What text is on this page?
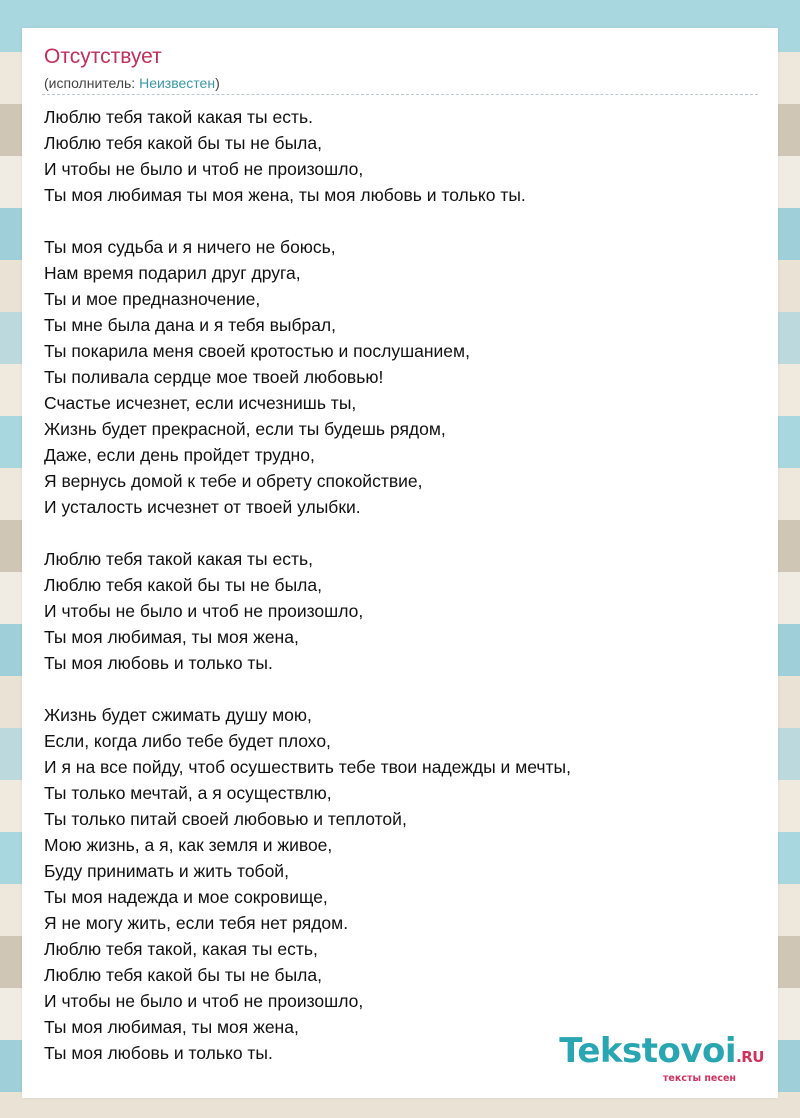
Отсутствует
(исполнитель: Неизвестен)
Люблю тебя такой какая ты есть.
Люблю тебя какой бы ты не была,
И чтобы не было и чтоб не произошло,
Ты моя любимая ты моя жена, ты моя любовь и только ты.
Ты моя судьба и я ничего не боюсь,
Нам время подарил друг друга,
Ты и мое предназночение,
Ты мне была дана и я тебя выбрал,
Ты покарила меня своей кротостью и послушанием,
Ты поливала сердце мое твоей любовью!
Счастье исчезнет, если исчезнишь ты,
Жизнь будет прекрасной, если ты будешь рядом,
Даже, если день пройдет трудно,
Я вернусь домой к тебе и обрету спокойствие,
И усталость исчезнет от твоей улыбки.
Люблю тебя такой какая ты есть,
Люблю тебя какой бы ты не была,
И чтобы не было и чтоб не произошло,
Ты моя любимая, ты моя жена,
Ты моя любовь и только ты.
Жизнь будет сжимать душу мою,
Если, когда либо тебе будет плохо,
И я на все пойду, чтоб осушествить тебе твои надежды и мечты,
Ты только мечтай, а я осуществлю,
Ты только питай своей любовью и теплотой,
Мою жизнь, а я, как земля и живое,
Буду принимать и жить тобой,
Ты моя надежда и мое сокровище,
Я не могу жить, если тебя нет рядом.
Люблю тебя такой, какая ты есть,
Люблю тебя какой бы ты не была,
И чтобы не было и чтоб не произошло,
Ты моя любимая, ты моя жена,
Ты моя любовь и только ты.	Tekstovoi.RU
тексты песен
